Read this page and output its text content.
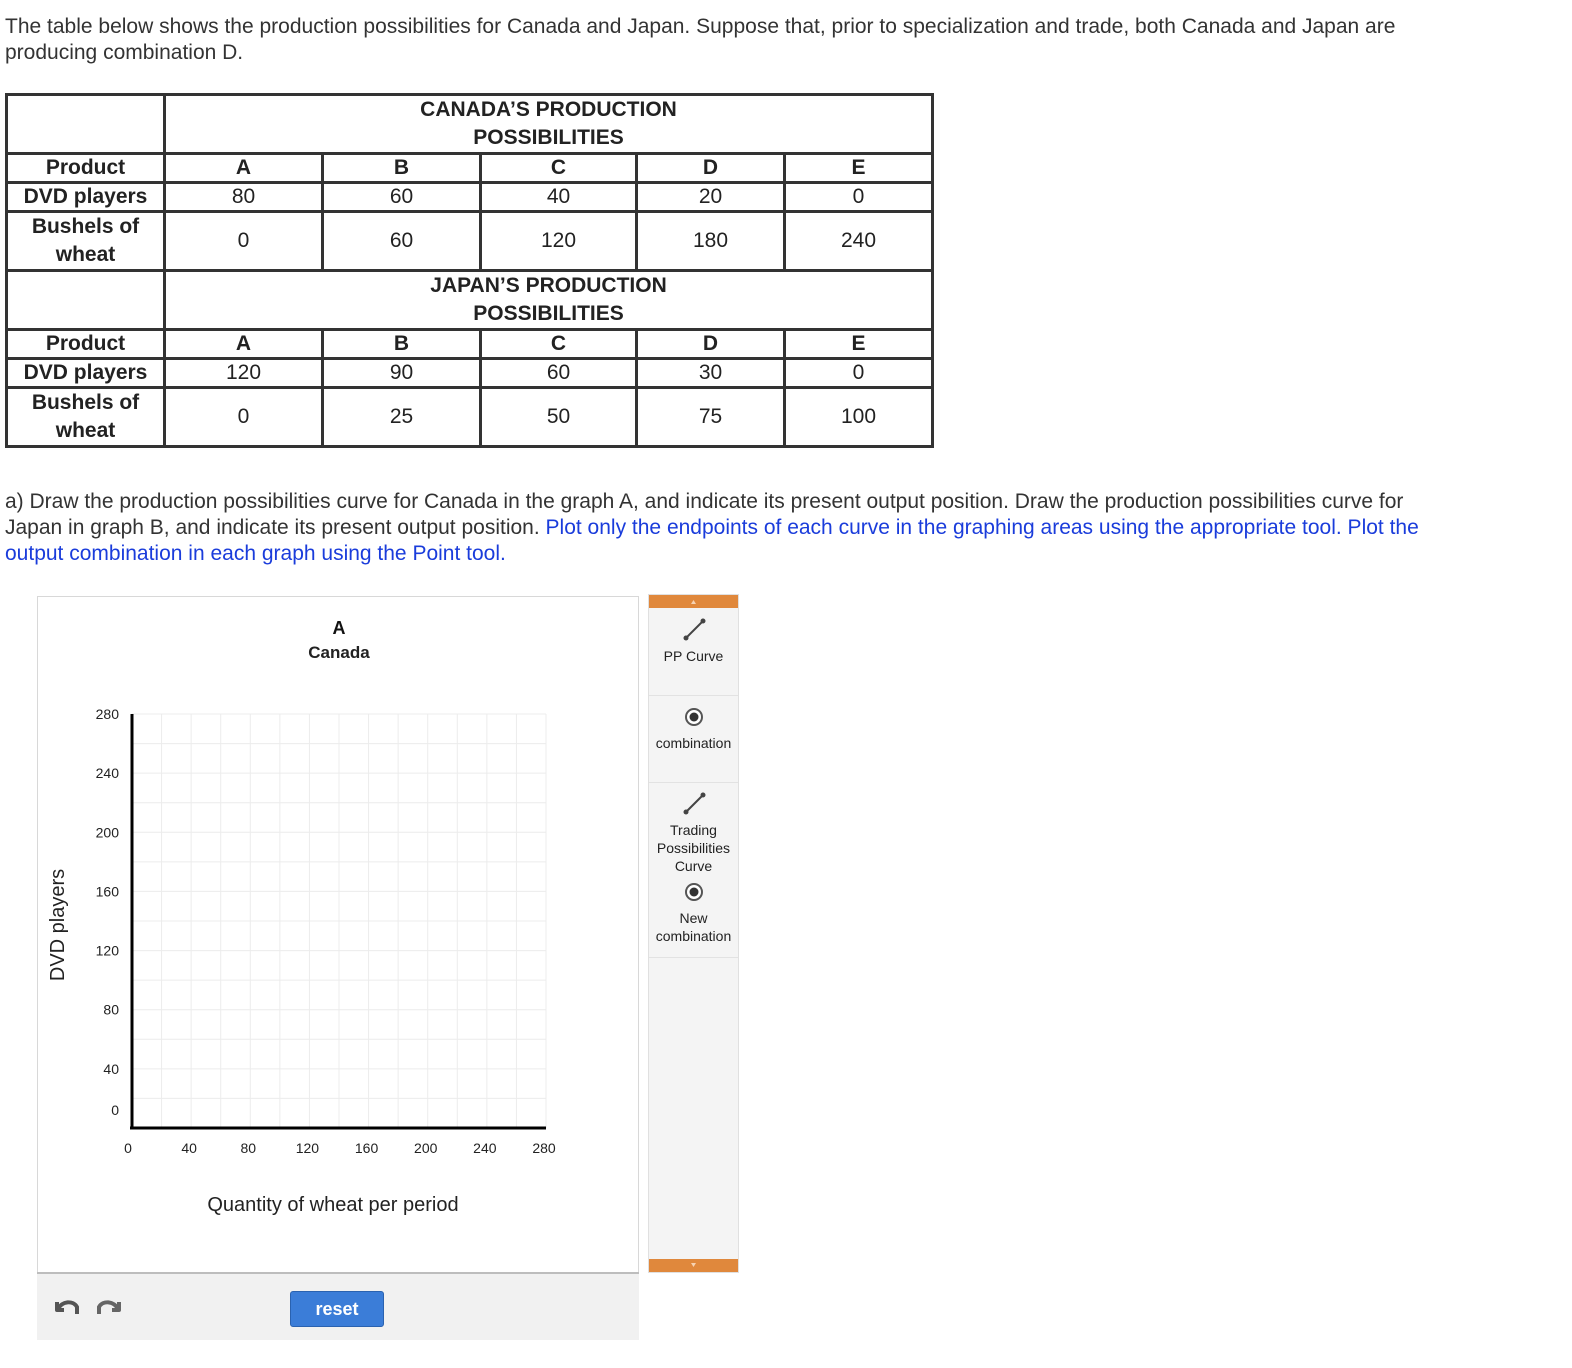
The table below shows the production possibilities for Canada and Japan. Suppose that, prior to specialization and trade, both Canada and Japan are producing combination D.

	CANADA’S PRODUCTION
POSSIBILITIES				

Product	A	B	C	D	E
DVD players	80	60	40	20	0

Bushels of
wheat	0	60	120	180	240

	JAPAN’S PRODUCTION
POSSIBILITIES				

Product	A	B	C	D	E
DVD players	120	90	60	30	0

Bushels of
wheat	0	25	50	75	100
a) Draw the production possibilities curve for Canada in the graph A, and indicate its present output position. Draw the production possibilities curve for Japan in graph B, and indicate its present output position. Plot only the endpoints of each curve in the graphing areas using the appropriate tool. Plot the output combination in each graph using the Point tool.
A
Canada
0	40	80	120	160	200	240	280
0
40
80
120
160
200
240
280
Quantity of wheat per period
DVD players
reset
PP Curve
combination
Trading
Possibilities
Curve
New
combination
